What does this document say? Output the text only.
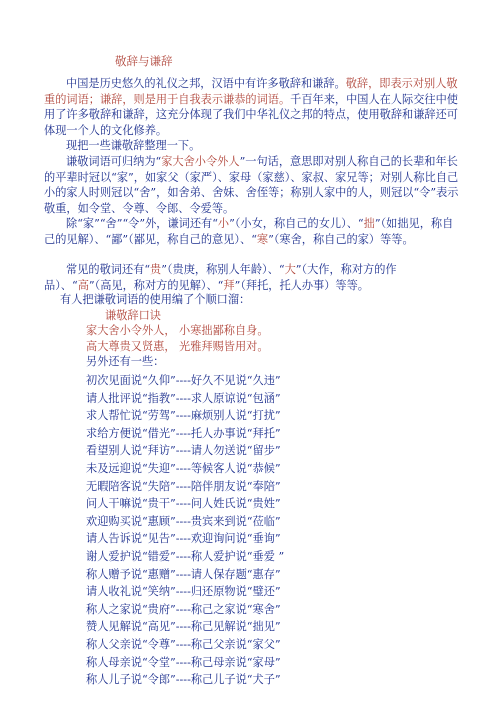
敬辞与谦辞

中国是历史悠久的礼仪之邦，汉语中有许多敬辞和谦辞。敬辞，即表示对别人敬重的词语；谦辞，则是用于自我表示谦恭的词语。千百年来，中国人在人际交往中使用了许多敬辞和谦辞，这充分体现了我们中华礼仪之邦的特点，使用敬辞和谦辞还可体现一个人的文化修养。

现把一些谦敬辞整理一下。

谦敬词语可归纳为“家大舍小令外人”一句话，意思即对别人称自己的长辈和年长的平辈时冠以“家”，如家父（家严）、家母（家慈）、家叔、家兄等；对别人称比自己小的家人时则冠以“舍”，如舍弟、舍妹、舍侄等；称别人家中的人，则冠以“令”表示敬重，如令堂、令尊、令郎、令爱等。

除“家”“舍”“令”外，谦词还有“小”（小女，称自己的女儿）、“拙”（如拙见，称自己的见解）、“鄙”（鄙见，称自己的意见）、“寒”（寒舍，称自己的家）等等。

常见的敬词还有“贵”（贵庚，称别人年龄）、“大”（大作，称对方的作品）、“高”（高见，称对方的见解）、“拜”（拜托，托人办事）等等。

有人把谦敬词语的使用编了个顺口溜：

谦敬辞口诀
家大舍小令外人， 小寒拙鄙称自身。
高大尊贵又贤惠， 光雅拜赐皆用对。
另外还有一些：
初次见面说“久仰”----好久不见说“久违”
请人批评说“指教”----求人原谅说“包涵”
求人帮忙说“劳驾”----麻烦别人说“打扰”
求给方便说“借光”----托人办事说“拜托”
看望别人说“拜访”----请人勿送说“留步”
未及远迎说“失迎”----等候客人说“恭候”
无暇陪客说“失陪”----陪伴朋友说“奉陪”
问人干嘛说“贵干”----问人姓氏说“贵姓”
欢迎购买说“惠顾”----贵宾来到说“莅临”
请人告诉说“见告”----欢迎询问说“垂询”
谢人爱护说“错爱”----称人爱护说“垂爱 ”
称人赠予说“惠赠”----请人保存题“惠存”
请人收礼说“笑纳”----归还原物说“璧还”
称人之家说“贵府”----称己之家说“寒舍”
赞人见解说“高见”----称己见解说“拙见”
称人父亲说“令尊”----称己父亲说“家父”
称人母亲说“令堂”----称己母亲说“家母”
称人儿子说“令郎”----称己儿子说“犬子”
